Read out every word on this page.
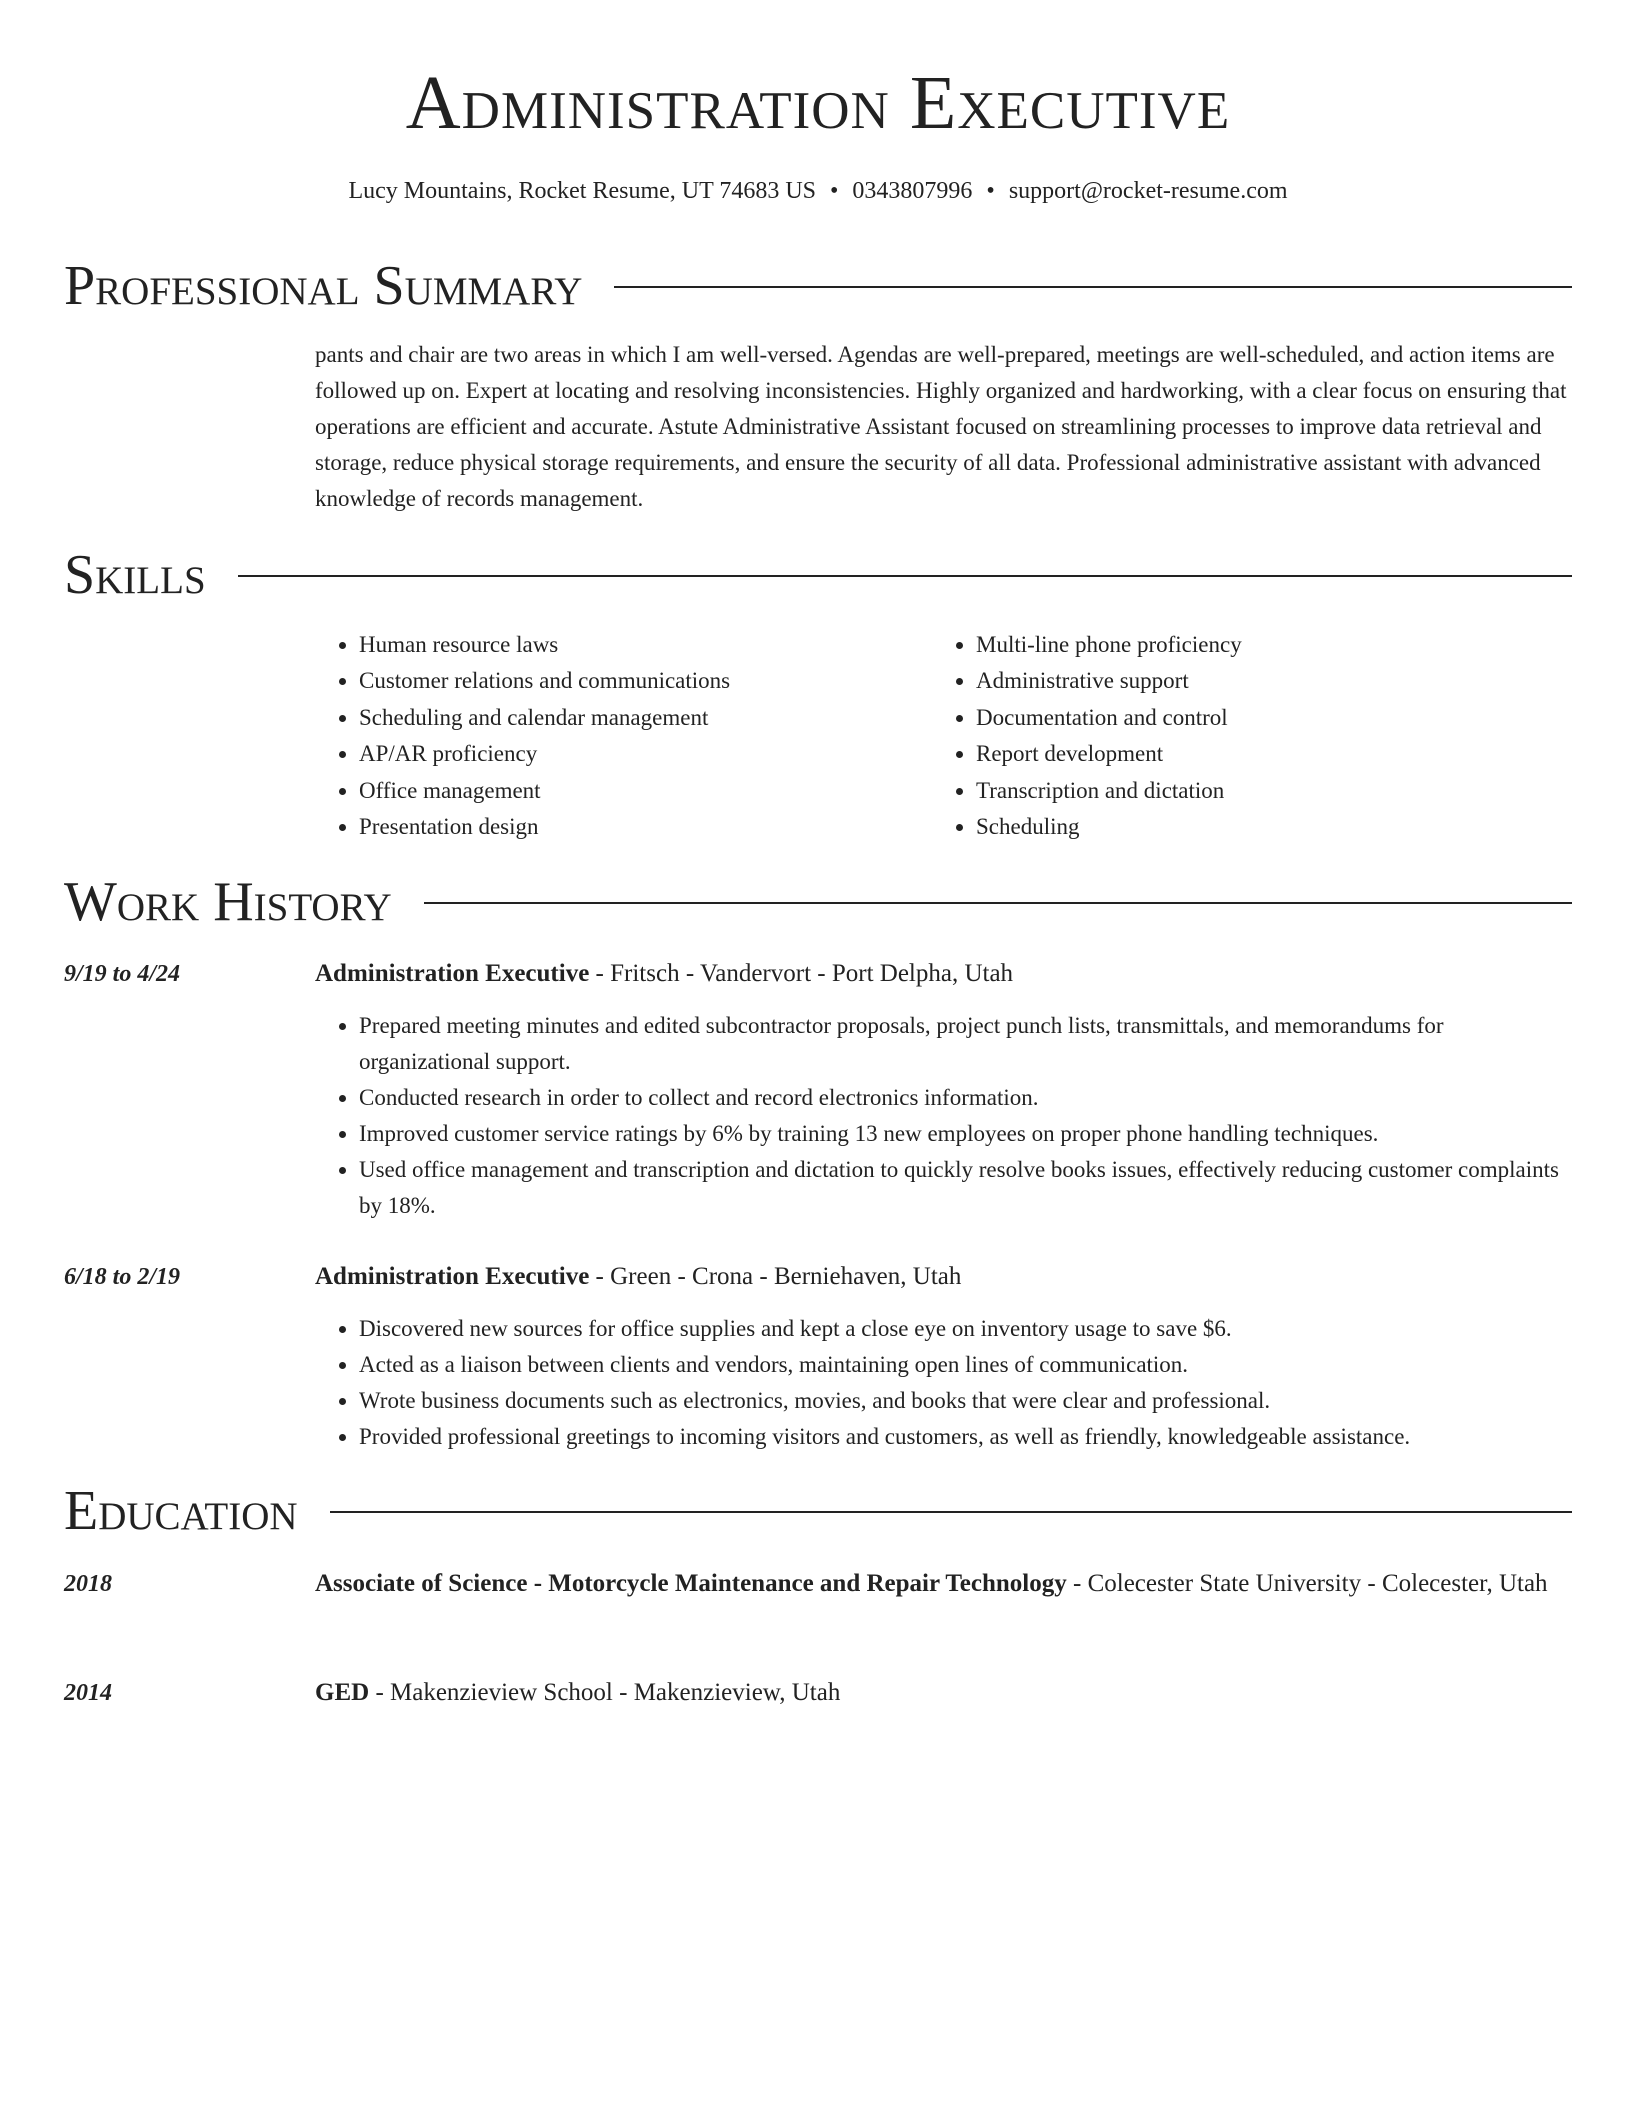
Administration Executive
Lucy Mountains, Rocket Resume, UT 74683 US • 0343807996 • support@rocket-resume.com
Professional Summary
pants and chair are two areas in which I am well-versed. Agendas are well-prepared, meetings are well-scheduled, and action items are followed up on. Expert at locating and resolving inconsistencies. Highly organized and hardworking, with a clear focus on ensuring that operations are efficient and accurate. Astute Administrative Assistant focused on streamlining processes to improve data retrieval and storage, reduce physical storage requirements, and ensure the security of all data. Professional administrative assistant with advanced knowledge of records management.
Skills
• Human resource laws
• Customer relations and communications
• Scheduling and calendar management
• AP/AR proficiency
• Office management
• Presentation design
• Multi-line phone proficiency
• Administrative support
• Documentation and control
• Report development
• Transcription and dictation
• Scheduling
Work History
9/19 to 4/24	Administration Executive - Fritsch - Vandervort - Port Delpha, Utah
• Prepared meeting minutes and edited subcontractor proposals, project punch lists, transmittals, and memorandums for organizational support.
• Conducted research in order to collect and record electronics information.
• Improved customer service ratings by 6% by training 13 new employees on proper phone handling techniques.
• Used office management and transcription and dictation to quickly resolve books issues, effectively reducing customer complaints by 18%.
6/18 to 2/19	Administration Executive - Green - Crona - Berniehaven, Utah
• Discovered new sources for office supplies and kept a close eye on inventory usage to save $6.
• Acted as a liaison between clients and vendors, maintaining open lines of communication.
• Wrote business documents such as electronics, movies, and books that were clear and professional.
• Provided professional greetings to incoming visitors and customers, as well as friendly, knowledgeable assistance.
Education
2018	Associate of Science - Motorcycle Maintenance and Repair Technology - Colecester State University - Colecester, Utah
2014	GED - Makenzieview School - Makenzieview, Utah
